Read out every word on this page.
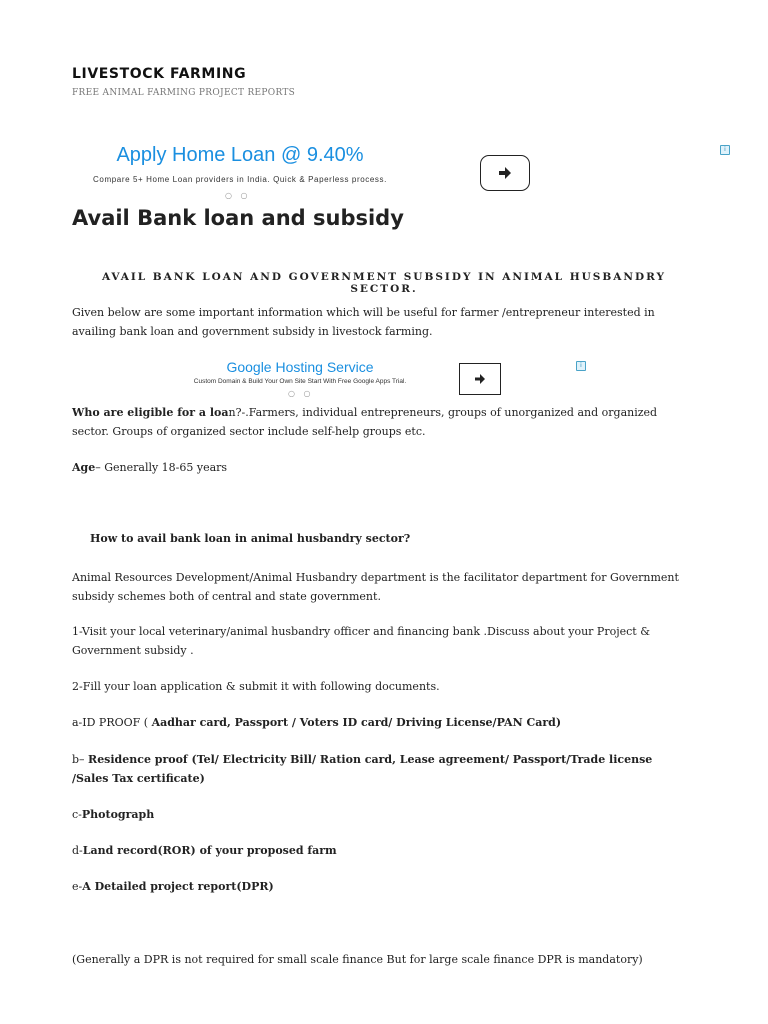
LIVESTOCK FARMING
FREE ANIMAL FARMING PROJECT REPORTS
Apply Home Loan @ 9.40%
Compare 5+ Home Loan providers in India. Quick & Paperless process.
○ ○
i
Avail Bank loan and subsidy
AVAIL BANK LOAN AND GOVERNMENT SUBSIDY IN ANIMAL HUSBANDRY SECTOR.
Given below are some important information which will be useful for farmer /entrepreneur interested in availing bank loan and government subsidy in livestock farming.
Google Hosting Service
Custom Domain & Build Your Own Site Start With Free Google Apps Trial.
○ ○
i
Who are eligible for a loan?-.Farmers, individual entrepreneurs, groups of unorganized and organized sector. Groups of organized sector include self-help groups etc.
Age– Generally 18-65 years
How to avail bank loan in animal husbandry sector?
Animal Resources Development/Animal Husbandry department is the facilitator department for Government subsidy schemes both of central and state government.
1-Visit your local veterinary/animal husbandry officer and financing bank .Discuss about your Project & Government subsidy .
2-Fill your loan application & submit it with following documents.
a-ID PROOF ( Aadhar card, Passport / Voters ID card/ Driving License/PAN Card)
b– Residence proof (Tel/ Electricity Bill/ Ration card, Lease agreement/ Passport/Trade license /Sales Tax certificate)
c-Photograph
d-Land record(ROR) of your proposed farm
e-A Detailed project report(DPR)
(Generally a DPR is not required for small scale finance But for large scale finance DPR is mandatory)
